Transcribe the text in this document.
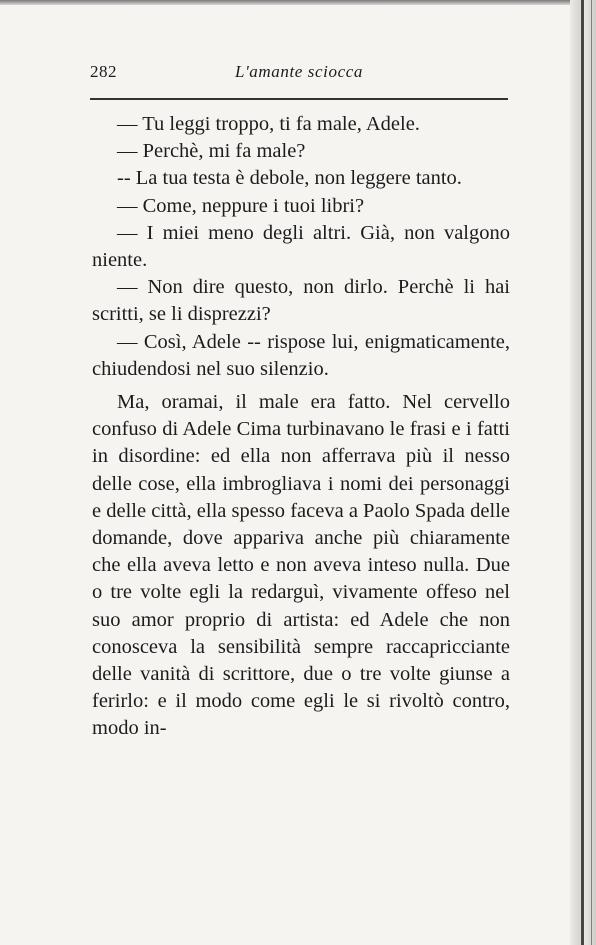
282	L'amante sciocca

— Tu leggi troppo, ti fa male, Adele.

— Perchè, mi fa male?

-- La tua testa è debole, non leggere tanto.

— Come, neppure i tuoi libri?

— I miei meno degli altri. Già, non valgono niente.

— Non dire questo, non dirlo. Perchè li hai scritti, se li disprezzi?

— Così, Adele -- rispose lui, enigmaticamente, chiudendosi nel suo silenzio.

Ma, oramai, il male era fatto. Nel cervello confuso di Adele Cima turbinavano le frasi e i fatti in disordine: ed ella non afferrava più il nesso delle cose, ella imbrogliava i nomi dei personaggi e delle città, ella spesso faceva a Paolo Spada delle domande, dove appariva anche più chiaramente che ella aveva letto e non aveva inteso nulla. Due o tre volte egli la redarguì, vivamente offeso nel suo amor proprio di artista: ed Adele che non conosceva la sensibilità sempre raccapricciante delle vanità di scrittore, due o tre volte giunse a ferirlo: e il modo come egli le si rivoltò contro, modo in-
